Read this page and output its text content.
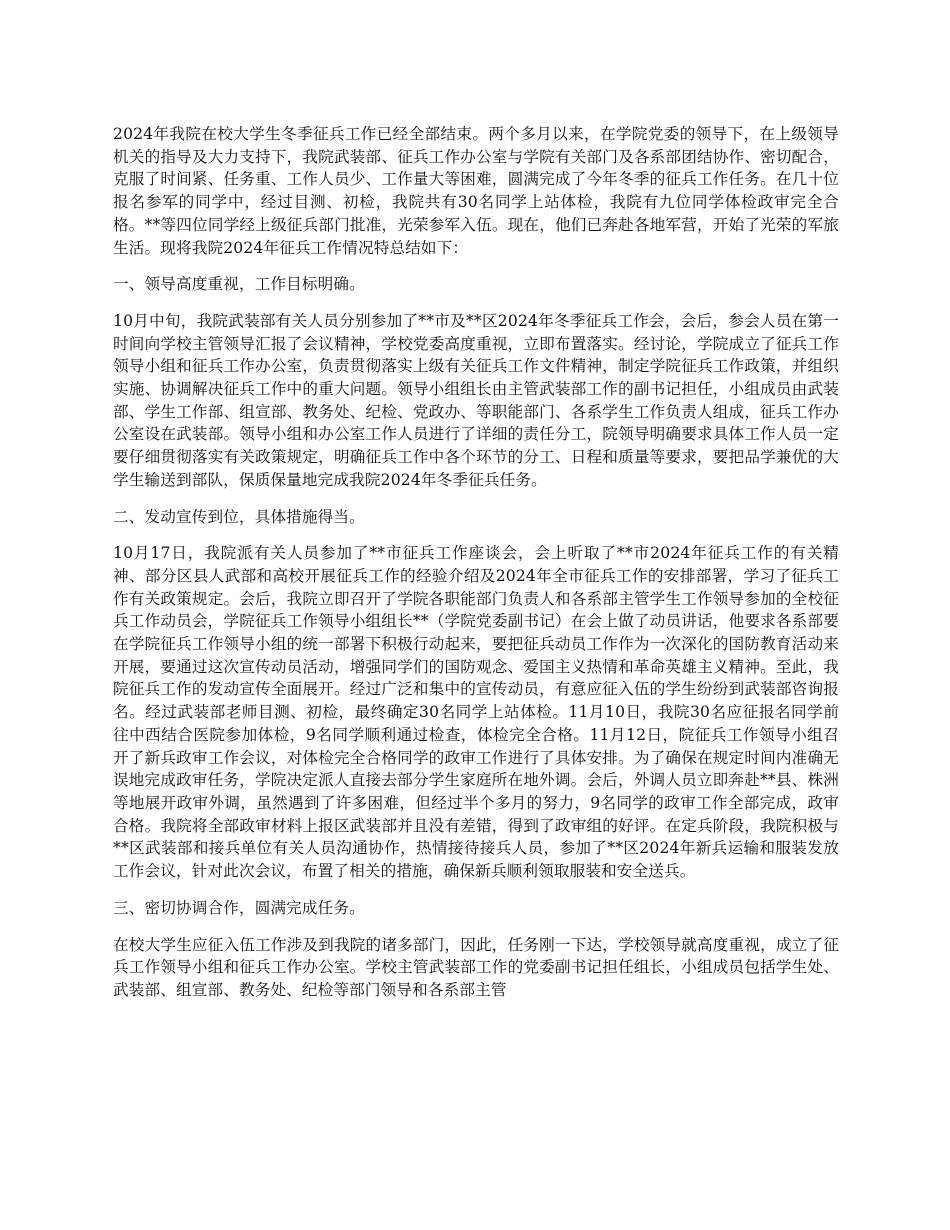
2024年我院在校大学生冬季征兵工作已经全部结束。两个多月以来，在学院党委的领导下，在上级领导机关的指导及大力支持下，我院武装部、征兵工作办公室与学院有关部门及各系部团结协作、密切配合，克服了时间紧、任务重、工作人员少、工作量大等困难，圆满完成了今年冬季的征兵工作任务。在几十位报名参军的同学中，经过目测、初检，我院共有30名同学上站体检，我院有九位同学体检政审完全合格。**等四位同学经上级征兵部门批准，光荣参军入伍。现在，他们已奔赴各地军营，开始了光荣的军旅生活。现将我院2024年征兵工作情况特总结如下：

一、领导高度重视，工作目标明确。

10月中旬，我院武装部有关人员分别参加了**市及**区2024年冬季征兵工作会，会后，参会人员在第一时间向学校主管领导汇报了会议精神，学校党委高度重视，立即布置落实。经讨论，学院成立了征兵工作领导小组和征兵工作办公室，负责贯彻落实上级有关征兵工作文件精神，制定学院征兵工作政策，并组织实施、协调解决征兵工作中的重大问题。领导小组组长由主管武装部工作的副书记担任，小组成员由武装部、学生工作部、组宣部、教务处、纪检、党政办、等职能部门、各系学生工作负责人组成，征兵工作办公室设在武装部。领导小组和办公室工作人员进行了详细的责任分工，院领导明确要求具体工作人员一定要仔细贯彻落实有关政策规定，明确征兵工作中各个环节的分工、日程和质量等要求，要把品学兼优的大学生输送到部队，保质保量地完成我院2024年冬季征兵任务。

二、发动宣传到位，具体措施得当。

10月17日，我院派有关人员参加了**市征兵工作座谈会，会上听取了**市2024年征兵工作的有关精神、部分区县人武部和高校开展征兵工作的经验介绍及2024年全市征兵工作的安排部署，学习了征兵工作有关政策规定。会后，我院立即召开了学院各职能部门负责人和各系部主管学生工作领导参加的全校征兵工作动员会，学院征兵工作领导小组组长**（学院党委副书记）在会上做了动员讲话，他要求各系部要在学院征兵工作领导小组的统一部署下积极行动起来，要把征兵动员工作作为一次深化的国防教育活动来开展，要通过这次宣传动员活动，增强同学们的国防观念、爱国主义热情和革命英雄主义精神。至此，我院征兵工作的发动宣传全面展开。经过广泛和集中的宣传动员，有意应征入伍的学生纷纷到武装部咨询报名。经过武装部老师目测、初检，最终确定30名同学上站体检。11月10日，我院30名应征报名同学前往中西结合医院参加体检，9名同学顺利通过检查，体检完全合格。11月12日，院征兵工作领导小组召开了新兵政审工作会议，对体检完全合格同学的政审工作进行了具体安排。为了确保在规定时间内准确无误地完成政审任务，学院决定派人直接去部分学生家庭所在地外调。会后，外调人员立即奔赴**县、株洲等地展开政审外调，虽然遇到了许多困难，但经过半个多月的努力，9名同学的政审工作全部完成，政审合格。我院将全部政审材料上报区武装部并且没有差错，得到了政审组的好评。在定兵阶段，我院积极与**区武装部和接兵单位有关人员沟通协作，热情接待接兵人员，参加了**区2024年新兵运输和服装发放工作会议，针对此次会议，布置了相关的措施，确保新兵顺利领取服装和安全送兵。

三、密切协调合作，圆满完成任务。

在校大学生应征入伍工作涉及到我院的诸多部门，因此，任务刚一下达，学校领导就高度重视，成立了征兵工作领导小组和征兵工作办公室。学校主管武装部工作的党委副书记担任组长，小组成员包括学生处、武装部、组宣部、教务处、纪检等部门领导和各系部主管
